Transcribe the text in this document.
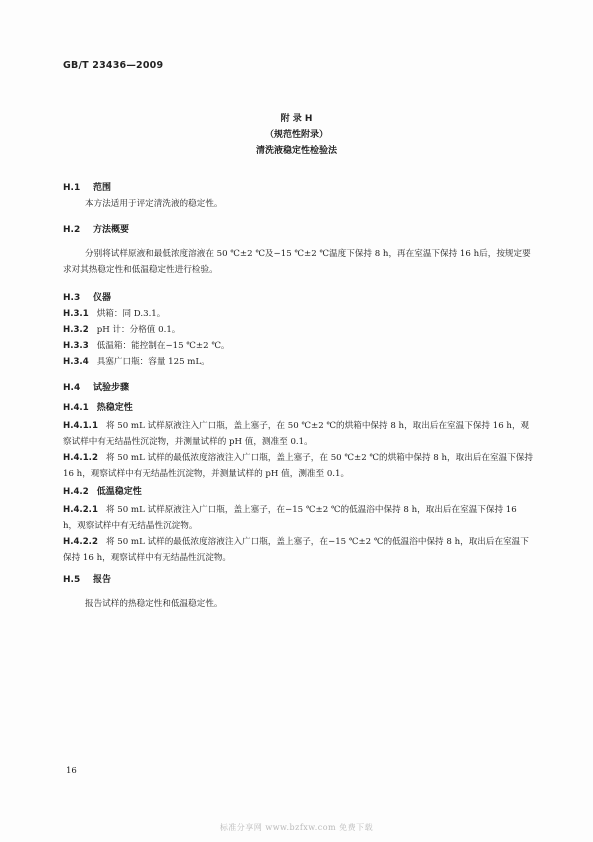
GB/T 23436—2009
附 录 H
（规范性附录）
清洗液稳定性检验法
H.1 范围
本方法适用于评定清洗液的稳定性。
H.2 方法概要
分别将试样原液和最低浓度溶液在 50 ℃±2 ℃及−15 ℃±2 ℃温度下保持 8 h，再在室温下保持 16 h后，按规定要求对其热稳定性和低温稳定性进行检验。
H.3 仪器
H.3.1 烘箱：同 D.3.1。
H.3.2 pH 计：分格值 0.1。
H.3.3 低温箱：能控制在−15 ℃±2 ℃。
H.3.4 具塞广口瓶：容量 125 mL。
H.4 试验步骤
H.4.1 热稳定性
H.4.1.1 将 50 mL 试样原液注入广口瓶，盖上塞子，在 50 ℃±2 ℃的烘箱中保持 8 h，取出后在室温下保持 16 h，观察试样中有无结晶性沉淀物，并测量试样的 pH 值，测准至 0.1。
H.4.1.2 将 50 mL 试样的最低浓度溶液注入广口瓶，盖上塞子，在 50 ℃±2 ℃的烘箱中保持 8 h，取出后在室温下保持 16 h，观察试样中有无结晶性沉淀物，并测量试样的 pH 值，测准至 0.1。
H.4.2 低温稳定性
H.4.2.1 将 50 mL 试样原液注入广口瓶，盖上塞子，在−15 ℃±2 ℃的低温浴中保持 8 h，取出后在室温下保持 16 h，观察试样中有无结晶性沉淀物。
H.4.2.2 将 50 mL 试样的最低浓度溶液注入广口瓶，盖上塞子，在−15 ℃±2 ℃的低温浴中保持 8 h，取出后在室温下保持 16 h，观察试样中有无结晶性沉淀物。
H.5 报告
报告试样的热稳定性和低温稳定性。
16
标准分享网 www.bzfxw.com 免费下载
